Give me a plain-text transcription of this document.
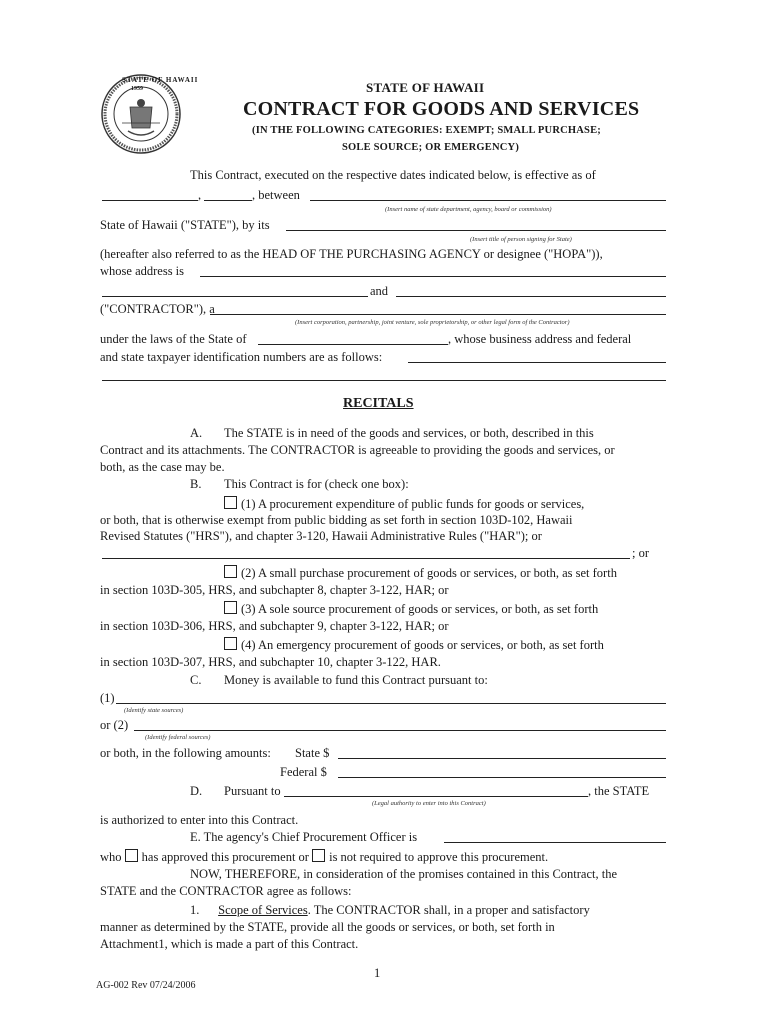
STATE OF HAWAII
1959	STATE OF HAWAII
CONTRACT FOR GOODS AND SERVICES
(IN THE FOLLOWING CATEGORIES: EXEMPT; SMALL PURCHASE;
SOLE SOURCE; OR EMERGENCY)
This Contract, executed on the respective dates indicated below, is effective as of
,	, between
(Insert name of state department, agency, board or commission)
State of Hawaii ("STATE"), by its
(Insert title of person signing for State)
(hereafter also referred to as the HEAD OF THE PURCHASING AGENCY or designee ("HOPA")),
whose address is
and
("CONTRACTOR"), a
(Insert corporation, partnership, joint venture, sole proprietorship, or other legal form of the Contractor)
under the laws of the State of	, whose business address and federal
and state taxpayer identification numbers are as follows:
RECITALS
A. The STATE is in need of the goods and services, or both, described in this
Contract and its attachments. The CONTRACTOR is agreeable to providing the goods and services, or
both, as the case may be.
B. This Contract is for (check one box):
(1) A procurement expenditure of public funds for goods or services,
or both, that is otherwise exempt from public bidding as set forth in section 103D-102, Hawaii
Revised Statutes ("HRS"), and chapter 3-120, Hawaii Administrative Rules ("HAR"); or
; or
(2) A small purchase procurement of goods or services, or both, as set forth
in section 103D-305, HRS, and subchapter 8, chapter 3-122, HAR; or
(3) A sole source procurement of goods or services, or both, as set forth
in section 103D-306, HRS, and subchapter 9, chapter 3-122, HAR; or
(4) An emergency procurement of goods or services, or both, as set forth
in section 103D-307, HRS, and subchapter 10, chapter 3-122, HAR.
C. Money is available to fund this Contract pursuant to:
(1)
(Identify state sources)
or (2)
(Identify federal sources)
or both, in the following amounts: State $
Federal $
D. Pursuant to	, the STATE
(Legal authority to enter into this Contract)
is authorized to enter into this Contract.
E. The agency's Chief Procurement Officer is
who has approved this procurement or is not required to approve this procurement.
NOW, THEREFORE, in consideration of the promises contained in this Contract, the
STATE and the CONTRACTOR agree as follows:
1. Scope of Services. The CONTRACTOR shall, in a proper and satisfactory
manner as determined by the STATE, provide all the goods or services, or both, set forth in
Attachment1, which is made a part of this Contract.
1
AG-002 Rev 07/24/2006
